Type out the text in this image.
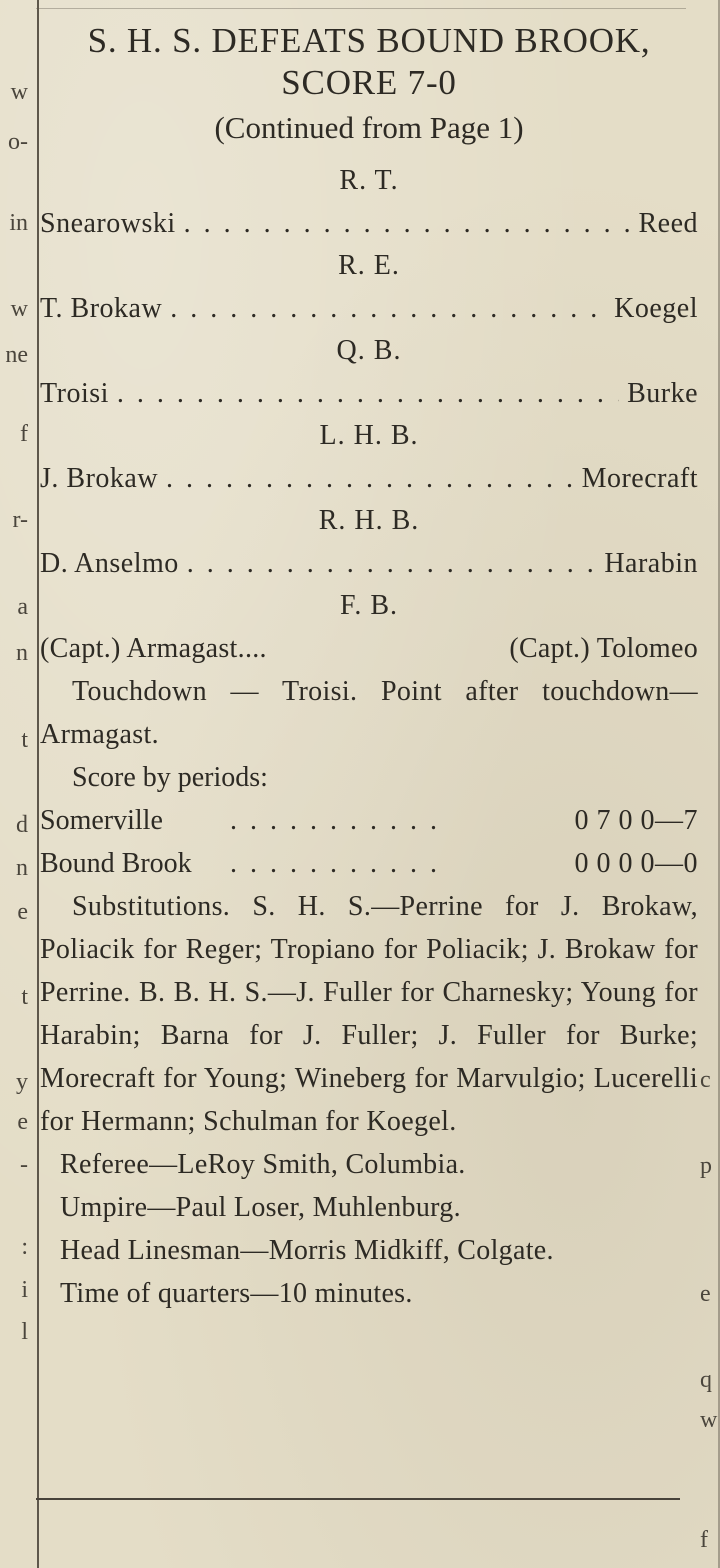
w
o-
in
w
ne
f
r-
a
n
t
d
n
e
t
y
e
-
:
i
l
c
p
e
q
w
f
S. H. S. DEFEATS BOUND BROOK,
SCORE 7-0
(Continued from Page 1)
R. T.
Snearowski . . .	Reed
R. E.
T. Brokaw . . .	Koegel
Q. B.
Troisi . . .	Burke
L. H. B.
J. Brokaw . . .	Morecraft
R. H. B.
D. Anselmo . . .	Harabin
F. B.
(Capt.) Armagast....	(Capt.) Tolomeo
Touchdown — Troisi. Point after touchdown—Armagast.
Score by periods:
Somerville . . .	0 7 0 0—7
Bound Brook . . .	0 0 0 0—0
Substitutions. S. H. S.—Perrine for J. Brokaw, Poliacik for Reger; Tropiano for Poliacik; J. Brokaw for Perrine. B. B. H. S.—J. Fuller for Charnesky; Young for Harabin; Barna for J. Fuller; J. Fuller for Burke; Morecraft for Young; Wineberg for Marvulgio; Lucerelli for Hermann; Schulman for Koegel.

Referee—LeRoy Smith, Columbia.

Umpire—Paul Loser, Muhlenburg.

Head Linesman—Morris Midkiff, Colgate.

Time of quarters—10 minutes.
